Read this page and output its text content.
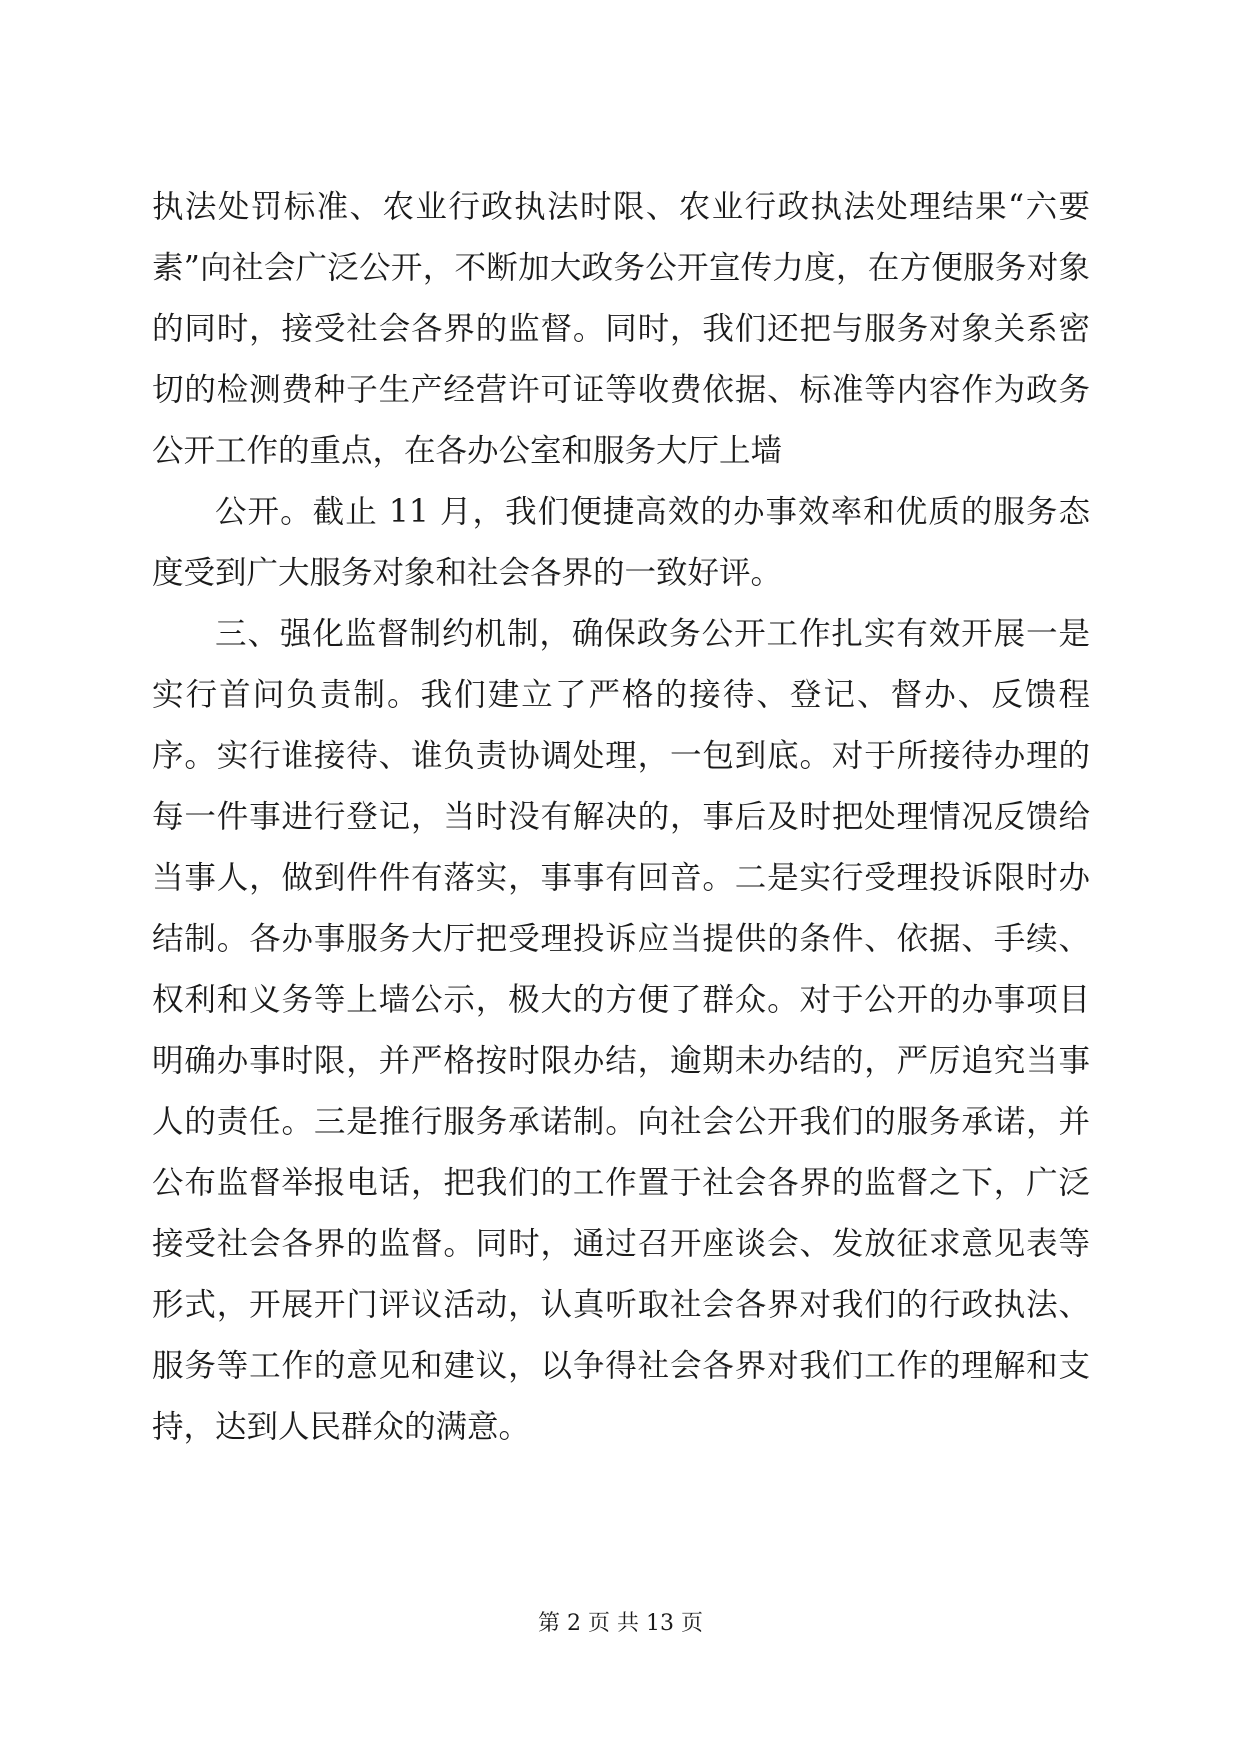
执法处罚标准、农业行政执法时限、农业行政执法处理结果“六要素”向社会广泛公开，不断加大政务公开宣传力度，在方便服务对象的同时，接受社会各界的监督。同时，我们还把与服务对象关系密切的检测费种子生产经营许可证等收费依据、标准等内容作为政务公开工作的重点，在各办公室和服务大厅上墙

公开。截止 11 月，我们便捷高效的办事效率和优质的服务态度受到广大服务对象和社会各界的一致好评。

三、强化监督制约机制，确保政务公开工作扎实有效开展一是实行首问负责制。我们建立了严格的接待、登记、督办、反馈程序。实行谁接待、谁负责协调处理，一包到底。对于所接待办理的每一件事进行登记，当时没有解决的，事后及时把处理情况反馈给当事人，做到件件有落实，事事有回音。二是实行受理投诉限时办结制。各办事服务大厅把受理投诉应当提供的条件、依据、手续、权利和义务等上墙公示，极大的方便了群众。对于公开的办事项目明确办事时限，并严格按时限办结，逾期未办结的，严厉追究当事人的责任。三是推行服务承诺制。向社会公开我们的服务承诺，并公布监督举报电话，把我们的工作置于社会各界的监督之下，广泛接受社会各界的监督。同时，通过召开座谈会、发放征求意见表等形式，开展开门评议活动，认真听取社会各界对我们的行政执法、服务等工作的意见和建议，以争得社会各界对我们工作的理解和支持，达到人民群众的满意。

第 2 页 共 13 页
